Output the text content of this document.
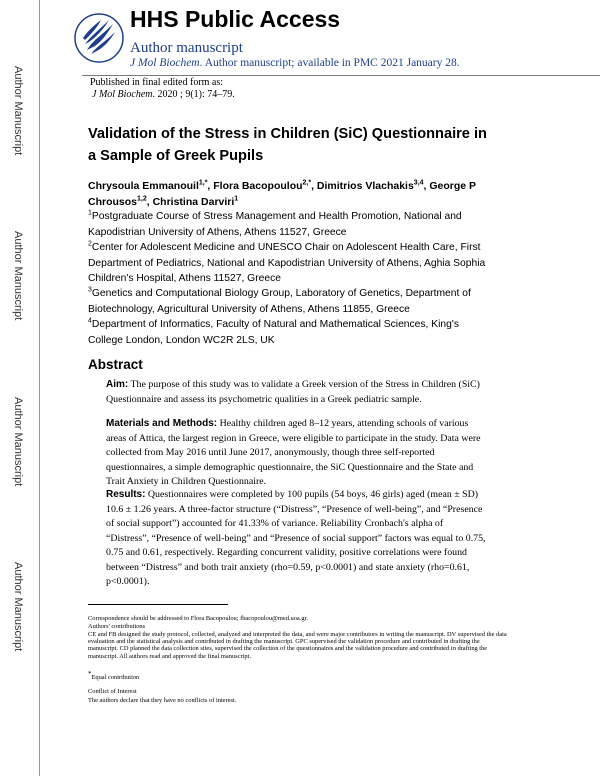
Author Manuscript
Author Manuscript
Author Manuscript
Author Manuscript
HHS Public Access
Author manuscript
J Mol Biochem. Author manuscript; available in PMC 2021 January 28.
Published in final edited form as:
J Mol Biochem. 2020 ; 9(1): 74–79.
Validation of the Stress in Children (SiC) Questionnaire in a Sample of Greek Pupils
Chrysoula Emmanouil$^{1,*}$, Flora Bacopoulou$^{2,*}$, Dimitrios Vlachakis$^{3,4}$, George P Chrousos$^{1,2}$, Christina Darviri$^1$
$^1$Postgraduate Course of Stress Management and Health Promotion, National and Kapodistrian University of Athens, Athens 11527, Greece
$^2$Center for Adolescent Medicine and UNESCO Chair on Adolescent Health Care, First Department of Pediatrics, National and Kapodistrian University of Athens, Aghia Sophia Children's Hospital, Athens 11527, Greece
$^3$Genetics and Computational Biology Group, Laboratory of Genetics, Department of Biotechnology, Agricultural University of Athens, Athens 11855, Greece
$^4$Department of Informatics, Faculty of Natural and Mathematical Sciences, King's College London, London WC2R 2LS, UK
Abstract
Aim: The purpose of this study was to validate a Greek version of the Stress in Children (SiC) Questionnaire and assess its psychometric qualities in a Greek pediatric sample.
Materials and Methods: Healthy children aged 8–12 years, attending schools of various areas of Attica, the largest region in Greece, were eligible to participate in the study. Data were collected from May 2016 until June 2017, anonymously, though three self-reported questionnaires, a simple demographic questionnaire, the SiC Questionnaire and the State and Trait Anxiety in Children Questionnaire.
Results: Questionnaires were completed by 100 pupils (54 boys, 46 girls) aged (mean ± SD) 10.6 ± 1.26 years. A three-factor structure (“Distress”, “Presence of well-being”, and “Presence of social support”) accounted for 41.33% of variance. Reliability Cronbach's alpha of “Distress”, “Presence of well-being” and “Presence of social support” factors was equal to 0.75, 0.75 and 0.61, respectively. Regarding concurrent validity, positive correlations were found between “Distress” and both trait anxiety (rho=0.59, p<0.0001) and state anxiety (rho=0.61, p<0.0001).
Correspondence should be addressed to Flora Bacopoulou; fbacopoulou@med.uoa.gr.
Authors' contributions
CE and FB designed the study protocol, collected, analyzed and interpreted the data, and were major contributors in writing the manuscript. DV supervised the data evaluation and the statistical analysis and contributed in drafting the manuscript. GPC supervised the validation procedure and contributed in drafting the manuscript. CD planned the data collection sites, supervised the collection of the questionnaires and the validation procedure and contributed in drafting the manuscript. All authors read and approved the final manuscript.
*Equal contribution
Conflict of Interest
The authors declare that they have no conflicts of interest.
